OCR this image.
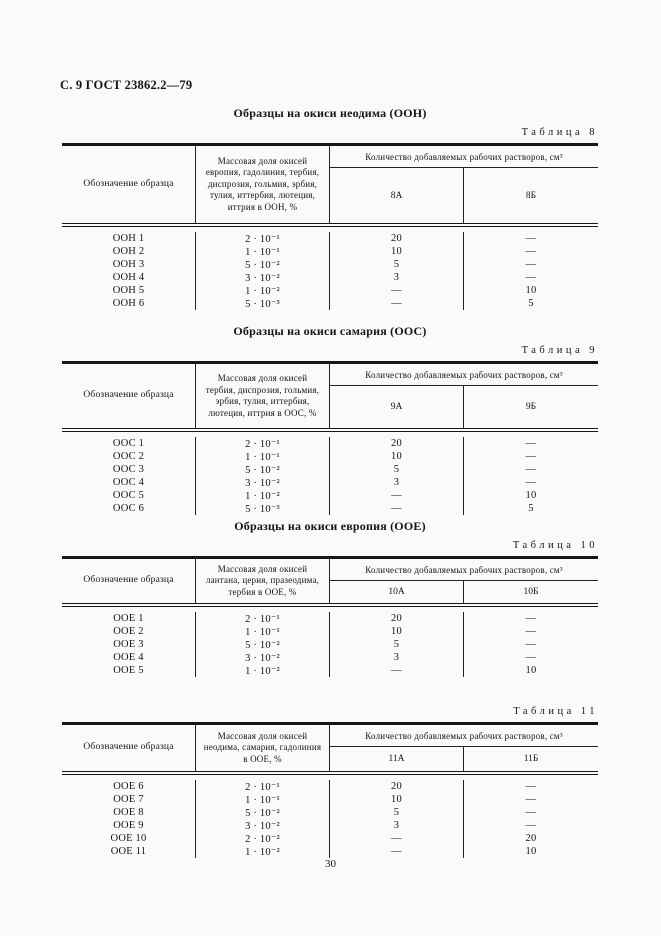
С. 9 ГОСТ 23862.2—79
Образцы на окиси неодима (ООН)
Таблица 8
Обозначение образца
Массовая доля окисей европия, гадолиния, тербия, диспрозия, гольмия, эрбия, тулия, иттербия, лютеция, иттрия в ООН, %
Количество добавляемых рабочих растворов, см³
8А	8Б
ООН 1	2 · 10⁻¹	20	—
ООН 2	1 · 10⁻¹	10	—
ООН 3	5 · 10⁻²	5	—
ООН 4	3 · 10⁻²	3	—
ООН 5	1 · 10⁻²	—	10
ООН 6	5 · 10⁻³	—	5
Образцы на окиси самария (ООС)
Таблица 9
Обозначение образца
Массовая доля окисей тербия, диспрозия, гольмия, эрбия, тулия, иттербия, лютеция, иттрия в ООС, %
Количество добавляемых рабочих растворов, см³
9А	9Б
ООС 1	2 · 10⁻¹	20	—
ООС 2	1 · 10⁻¹	10	—
ООС 3	5 · 10⁻²	5	—
ООС 4	3 · 10⁻²	3	—
ООС 5	1 · 10⁻²	—	10
ООС 6	5 · 10⁻³	—	5
Образцы на окиси европия (ООЕ)
Таблица 10
Обозначение образца
Массовая доля окисей лантана, церия, празеодима, тербия в ООЕ, %
Количество добавляемых рабочих растворов, см³
10А	10Б
ООЕ 1	2 · 10⁻¹	20	—
ООЕ 2	1 · 10⁻¹	10	—
ООЕ 3	5 · 10⁻²	5	—
ООЕ 4	3 · 10⁻²	3	—
ООЕ 5	1 · 10⁻²	—	10
Таблица 11
Обозначение образца
Массовая доля окисей неодима, самария, гадолиния в ООЕ, %
Количество добавляемых рабочих растворов, см³
11А	11Б
ООЕ 6	2 · 10⁻¹	20	—
ООЕ 7	1 · 10⁻¹	10	—
ООЕ 8	5 · 10⁻²	5	—
ООЕ 9	3 · 10⁻²	3	—
ООЕ 10	2 · 10⁻²	—	20
ООЕ 11	1 · 10⁻²	—	10
30
